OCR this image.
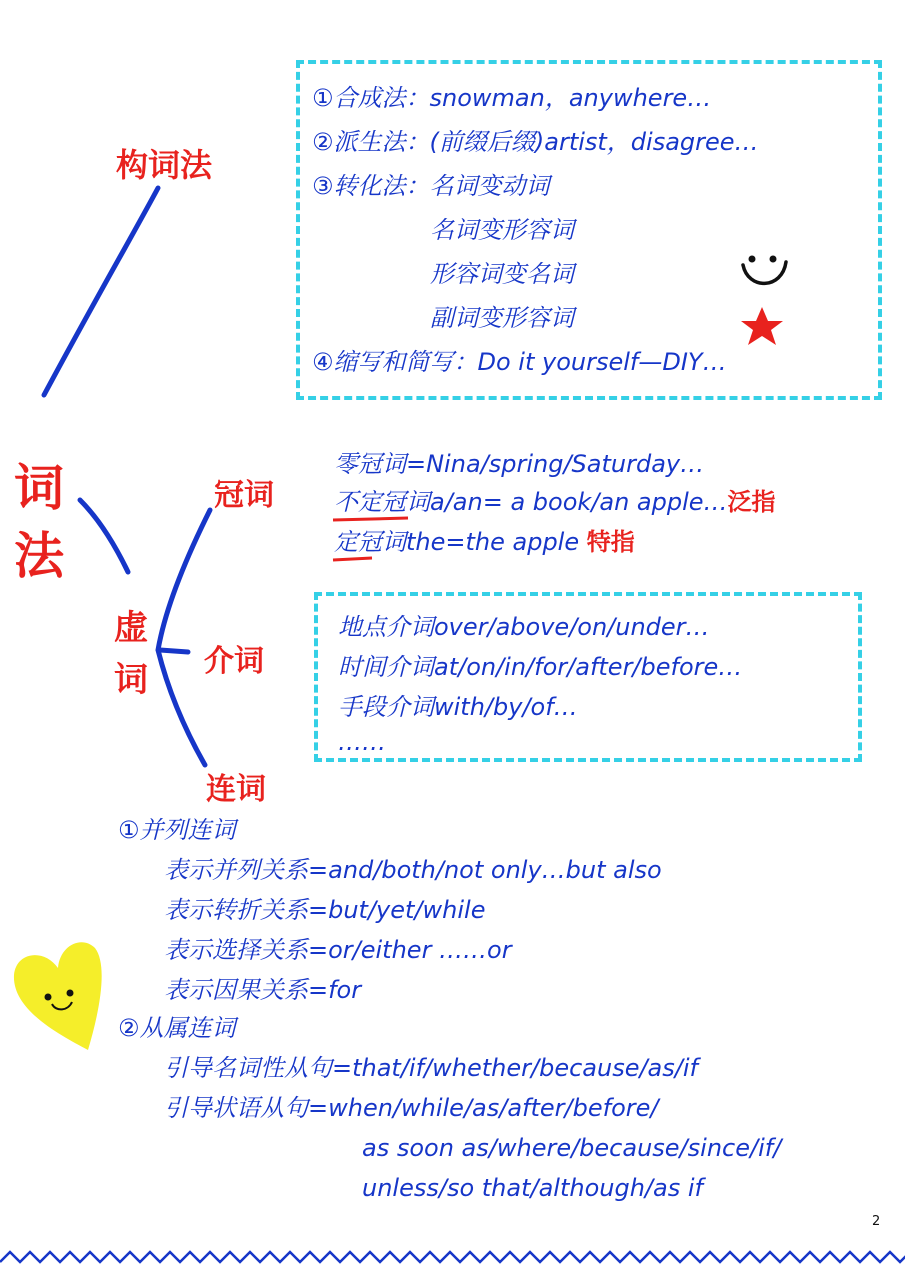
词
法
构词法
虚
词
冠词
介词
连词
①合成法：snowman，anywhere…
②派生法：(前缀后缀)artist，disagree…
③转化法：名词变动词
名词变形容词
形容词变名词
副词变形容词
④缩写和简写：Do it yourself—DIY…
零冠词=Nina/spring/Saturday…
不定冠词a/an= a book/an apple…泛指
定冠词the=the apple 特指
地点介词over/above/on/under…
时间介词at/on/in/for/after/before…
手段介词with/by/of…
……
①并列连词
表示并列关系=and/both/not only…but also
表示转折关系=but/yet/while
表示选择关系=or/either ……or
表示因果关系=for
②从属连词
引导名词性从句=that/if/whether/because/as/if
引导状语从句=when/while/as/after/before/
as soon as/where/because/since/if/
unless/so that/although/as if
2
